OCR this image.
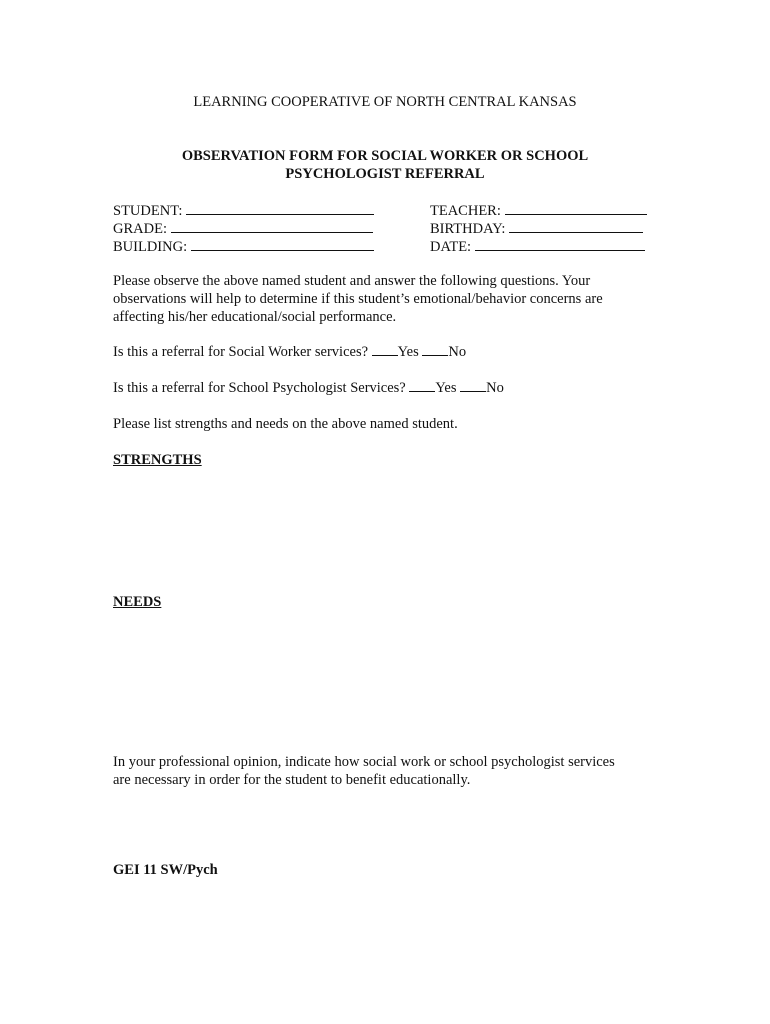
LEARNING COOPERATIVE OF NORTH CENTRAL KANSAS
OBSERVATION FORM FOR SOCIAL WORKER OR SCHOOL
PSYCHOLOGIST REFERRAL
STUDENT:
GRADE:
BUILDING:
TEACHER:
BIRTHDAY:
DATE:
Please observe the above named student and answer the following questions. Your
observations will help to determine if this student’s emotional/behavior concerns are
affecting his/her educational/social performance.
Is this a referral for Social Worker services? Yes No
Is this a referral for School Psychologist Services? Yes No
Please list strengths and needs on the above named student.
STRENGTHS
NEEDS
In your professional opinion, indicate how social work or school psychologist services
are necessary in order for the student to benefit educationally.
GEI 11 SW/Pych
